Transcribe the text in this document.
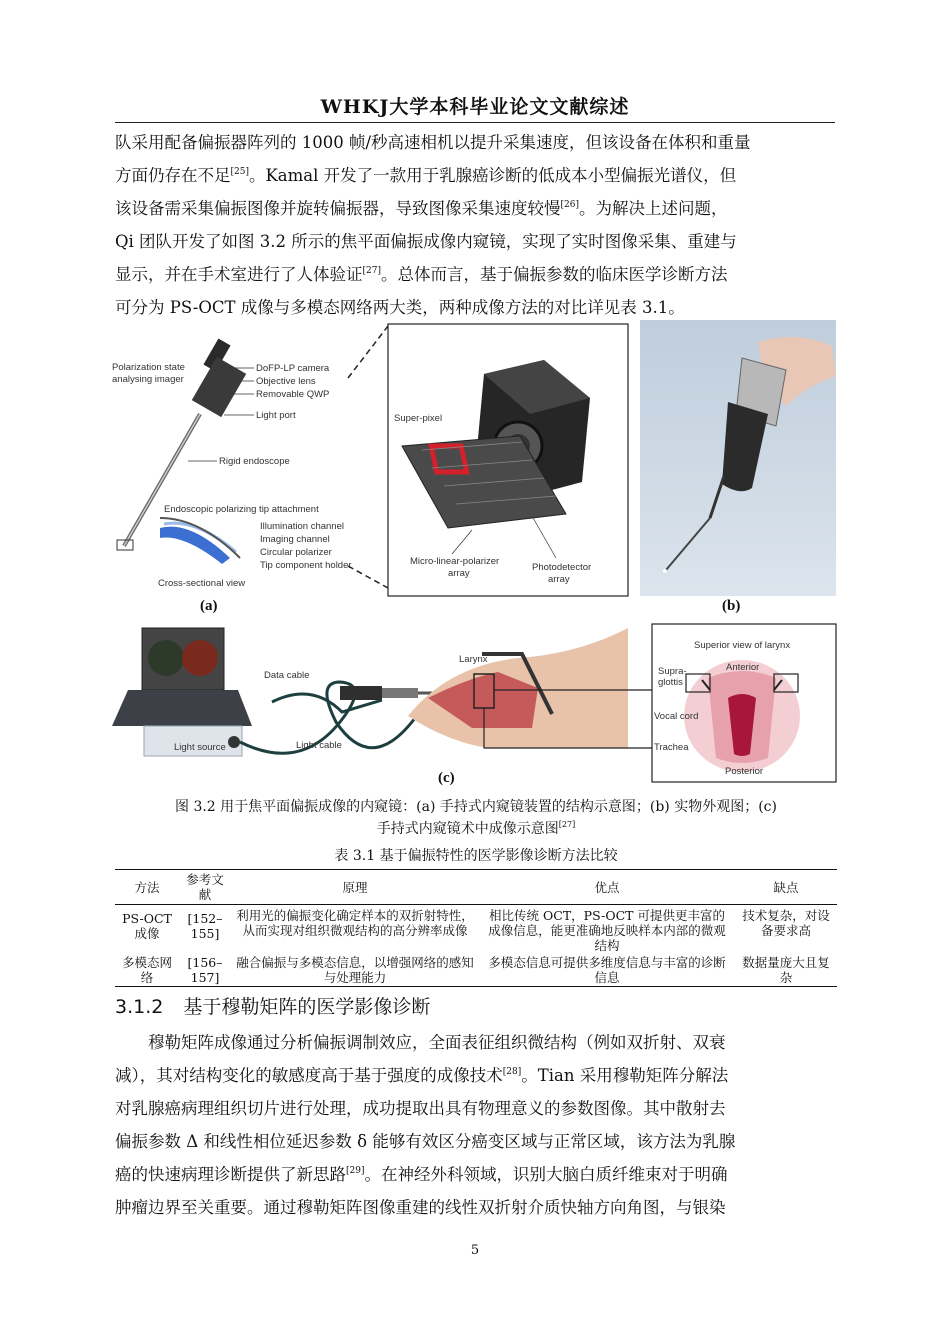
WHKJ大学本科毕业论文文献综述
队采用配备偏振器阵列的 1000 帧/秒高速相机以提升采集速度，但该设备在体积和重量
方面仍存在不足[25]。Kamal 开发了一款用于乳腺癌诊断的低成本小型偏振光谱仪，但
该设备需采集偏振图像并旋转偏振器，导致图像采集速度较慢[26]。为解决上述问题，
Qi 团队开发了如图 3.2 所示的焦平面偏振成像内窥镜，实现了实时图像采集、重建与
显示，并在手术室进行了人体验证[27]。总体而言，基于偏振参数的临床医学诊断方法
可分为 PS-OCT 成像与多模态网络两大类，两种成像方法的对比详见表 3.1。
Polarization state
analysing imager
DoFP-LP camera
Objective lens
Removable QWP
Light port
Rigid endoscope
Endoscopic polarizing tip attachment
Illumination channel
Imaging channel
Circular polarizer
Tip component holder
Cross-sectional view
Super-pixel
Micro-linear-polarizer
array
Photodetector
array
Data cable
Light source	Light cable
Larynx
Superior view of larynx
Supra-
glottis
Vocal cord
Trachea
Anterior
Posterior
(a)	(b)
(c)
图 3.2 用于焦平面偏振成像的内窥镜：(a) 手持式内窥镜装置的结构示意图；(b) 实物外观图；(c)
手持式内窥镜术中成像示意图[27]
表 3.1 基于偏振特性的医学影像诊断方法比较
方法	参考文献	原理	优点	缺点
PS-OCT 成像	[152–155]	利用光的偏振变化确定样本的双折射特性，从而实现对组织微观结构的高分辨率成像	相比传统 OCT，PS-OCT 可提供更丰富的成像信息，能更准确地反映样本内部的微观结构	技术复杂，对设备要求高
多模态网络	[156–157]	融合偏振与多模态信息，以增强网络的感知与处理能力	多模态信息可提供多维度信息与丰富的诊断信息	数据量庞大且复杂
3.1.2 基于穆勒矩阵的医学影像诊断
穆勒矩阵成像通过分析偏振调制效应，全面表征组织微结构（例如双折射、双衰
减），其对结构变化的敏感度高于基于强度的成像技术[28]。Tian 采用穆勒矩阵分解法
对乳腺癌病理组织切片进行处理，成功提取出具有物理意义的参数图像。其中散射去
偏振参数 Δ 和线性相位延迟参数 δ 能够有效区分癌变区域与正常区域，该方法为乳腺
癌的快速病理诊断提供了新思路[29]。在神经外科领域，识别大脑白质纤维束对于明确
肿瘤边界至关重要。通过穆勒矩阵图像重建的线性双折射介质快轴方向角图，与银染
5
